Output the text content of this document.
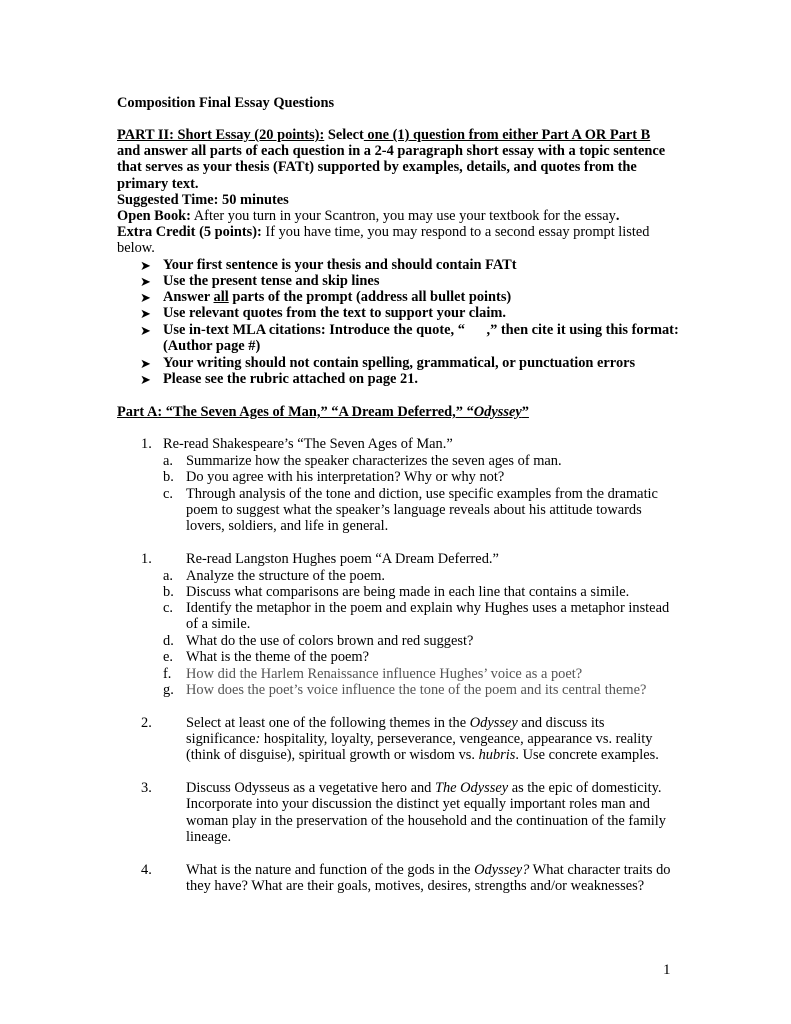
Composition Final Essay Questions
PART II: Short Essay (20 points): Select one (1) question from either Part A OR Part B
and answer all parts of each question in a 2-4 paragraph short essay with a topic sentence
that serves as your thesis (FATt) supported by examples, details, and quotes from the
primary text.
Suggested Time: 50 minutes
Open Book: After you turn in your Scantron, you may use your textbook for the essay.
Extra Credit (5 points): If you have time, you may respond to a second essay prompt listed
below.
➤ Your first sentence is your thesis and should contain FATt
➤ Use the present tense and skip lines
➤ Answer all parts of the prompt (address all bullet points)
➤ Use relevant quotes from the text to support your claim.
➤ Use in-text MLA citations: Introduce the quote, “      ,” then cite it using this format:
(Author page #)
➤ Your writing should not contain spelling, grammatical, or punctuation errors
➤ Please see the rubric attached on page 21.
Part A: “The Seven Ages of Man,” “A Dream Deferred,” “Odyssey”
1. Re-read Shakespeare’s “The Seven Ages of Man.”
a. Summarize how the speaker characterizes the seven ages of man.
b. Do you agree with his interpretation? Why or why not?
c. Through analysis of the tone and diction, use specific examples from the dramatic
poem to suggest what the speaker’s language reveals about his attitude towards
lovers, soldiers, and life in general.
1. Re-read Langston Hughes poem “A Dream Deferred.”
a. Analyze the structure of the poem.
b. Discuss what comparisons are being made in each line that contains a simile.
c. Identify the metaphor in the poem and explain why Hughes uses a metaphor instead
of a simile.
d. What do the use of colors brown and red suggest?
e. What is the theme of the poem?
f. How did the Harlem Renaissance influence Hughes’ voice as a poet?
g. How does the poet’s voice influence the tone of the poem and its central theme?
2. Select at least one of the following themes in the Odyssey and discuss its
significance: hospitality, loyalty, perseverance, vengeance, appearance vs. reality
(think of disguise), spiritual growth or wisdom vs. hubris. Use concrete examples.
3. Discuss Odysseus as a vegetative hero and The Odyssey as the epic of domesticity.
Incorporate into your discussion the distinct yet equally important roles man and
woman play in the preservation of the household and the continuation of the family
lineage.
4. What is the nature and function of the gods in the Odyssey? What character traits do
they have? What are their goals, motives, desires, strengths and/or weaknesses?
1
